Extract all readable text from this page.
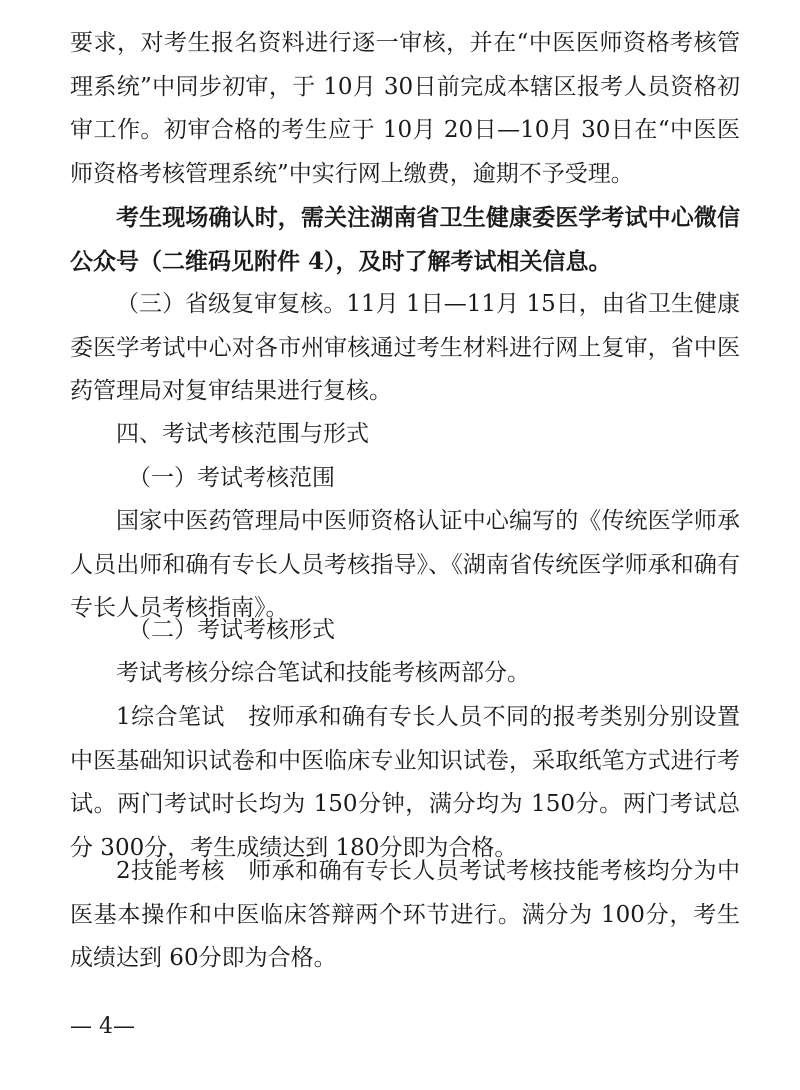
要求，对考生报名资料进行逐一审核，并在“中医医师资格考核管理系统”中同步初审，于 10月 30日前完成本辖区报考人员资格初审工作。初审合格的考生应于 10月 20日—10月 30日在“中医医师资格考核管理系统”中实行网上缴费，逾期不予受理。

考生现场确认时，需关注湖南省卫生健康委医学考试中心微信公众号（二维码见附件 4），及时了解考试相关信息。

（三）省级复审复核。11月 1日—11月 15日，由省卫生健康委医学考试中心对各市州审核通过考生材料进行网上复审，省中医药管理局对复审结果进行复核。

四、考试考核范围与形式

（一）考试考核范围

国家中医药管理局中医师资格认证中心编写的《传统医学师承人员出师和确有专长人员考核指导》、《湖南省传统医学师承和确有专长人员考核指南》。

（二）考试考核形式

考试考核分综合笔试和技能考核两部分。

1综合笔试　按师承和确有专长人员不同的报考类别分别设置中医基础知识试卷和中医临床专业知识试卷，采取纸笔方式进行考试。两门考试时长均为 150分钟，满分均为 150分。两门考试总分 300分，考生成绩达到 180分即为合格。

2技能考核　师承和确有专长人员考试考核技能考核均分为中医基本操作和中医临床答辩两个环节进行。满分为 100分，考生成绩达到 60分即为合格。

— 4—
